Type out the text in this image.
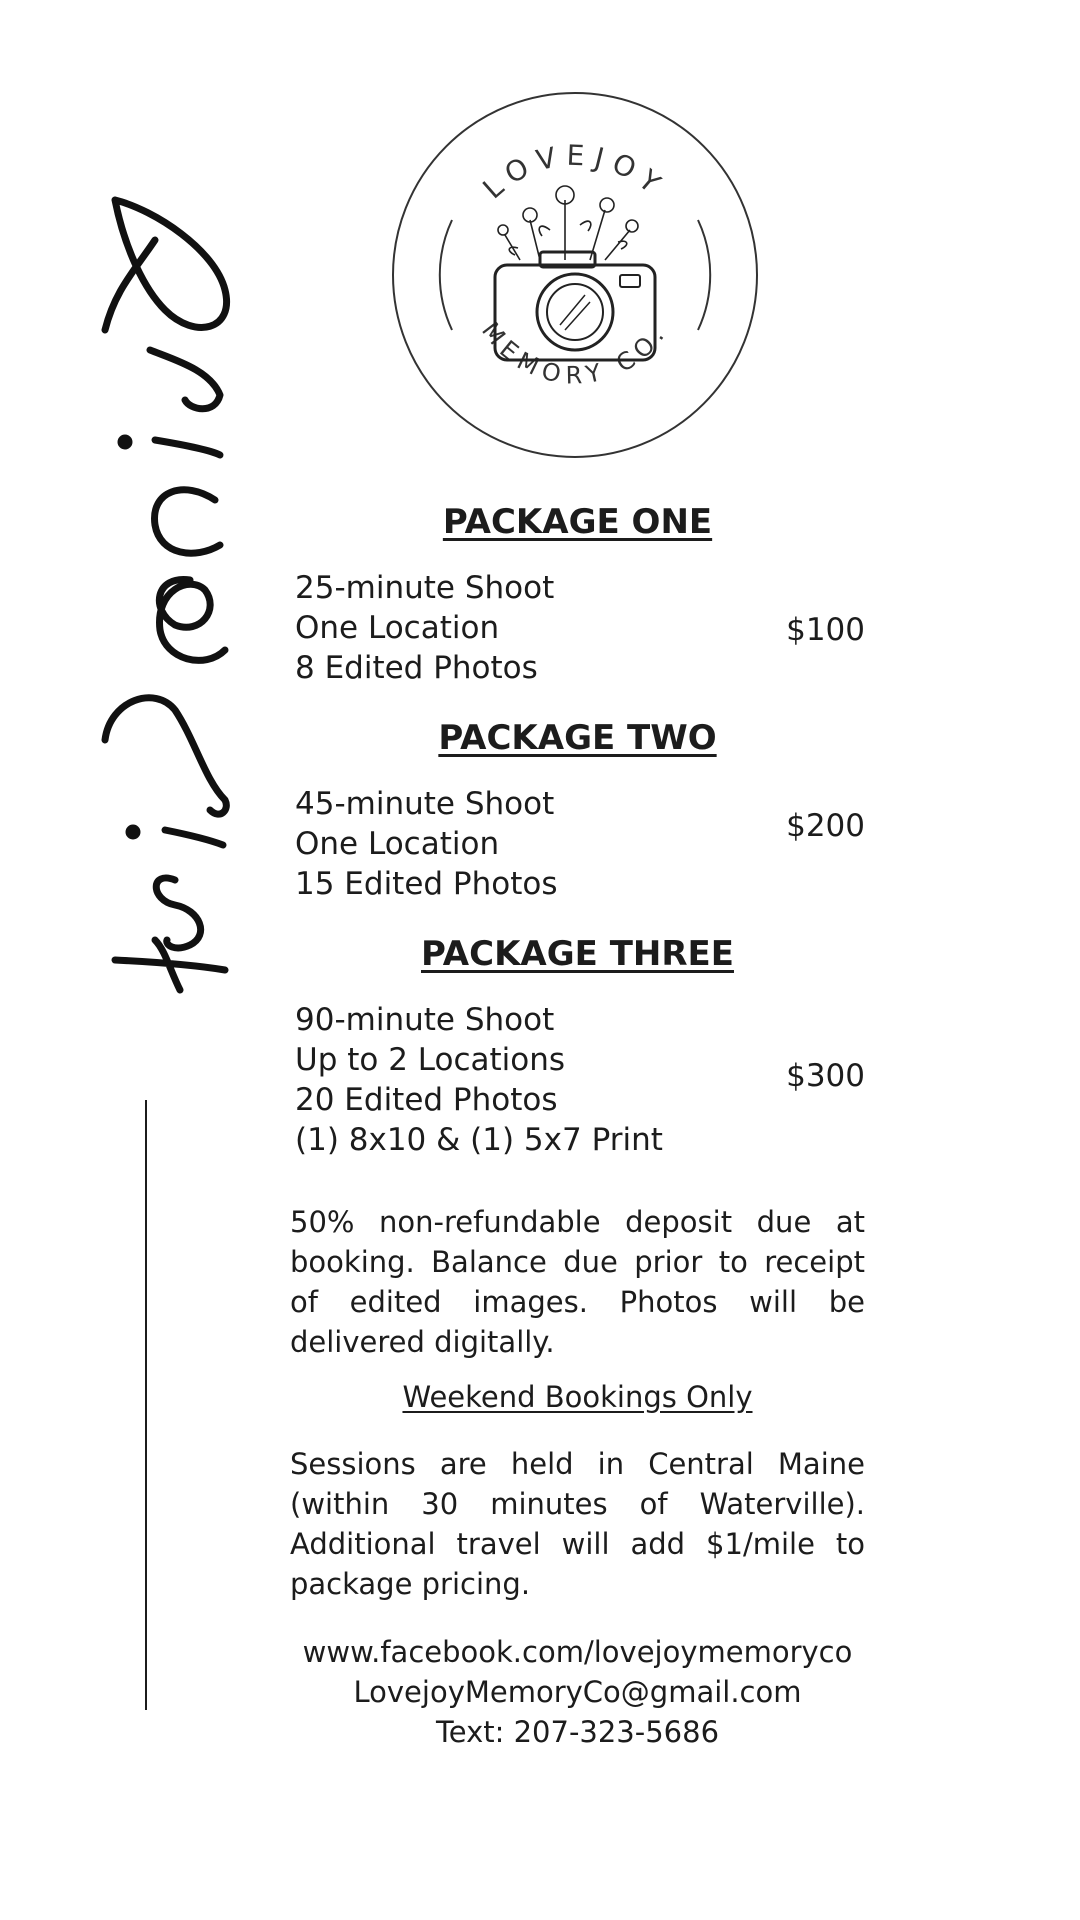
LOVEJOY
MEMORY CO.
PACKAGE ONE
25-minute Shoot
One Location
8 Edited Photos
$100
PACKAGE TWO
45-minute Shoot
One Location
15 Edited Photos
$200
PACKAGE THREE
90-minute Shoot
Up to 2 Locations
20 Edited Photos
(1) 8x10 & (1) 5x7 Print
$300
50% non-refundable deposit due at booking. Balance due prior to receipt of edited images. Photos will be delivered digitally.
Weekend Bookings Only
Sessions are held in Central Maine (within 30 minutes of Waterville). Additional travel will add $1/mile to package pricing.
www.facebook.com/lovejoymemoryco
LovejoyMemoryCo@gmail.com
Text: 207-323-5686
